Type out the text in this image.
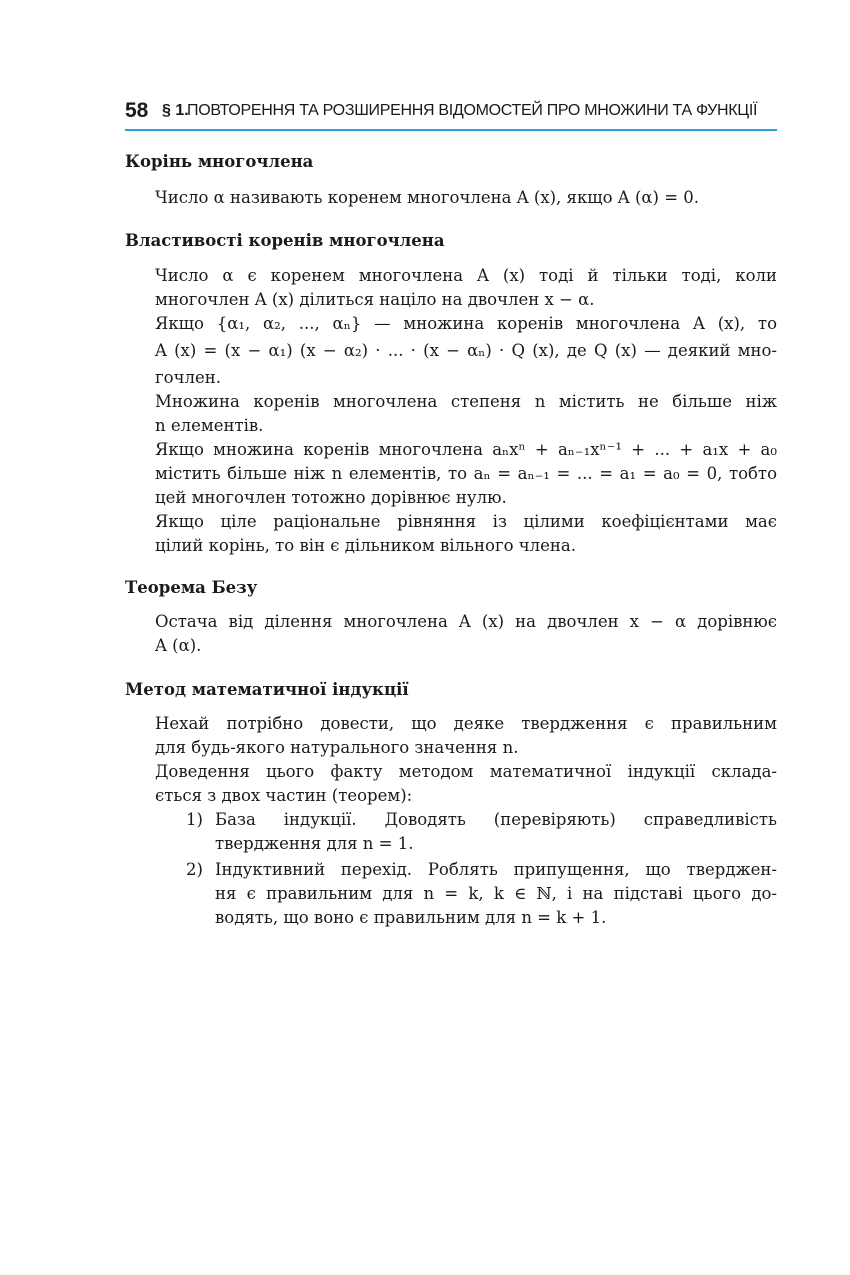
58 § 1.
ПОВТОРЕННЯ ТА РОЗШИРЕННЯ ВІДОМОСТЕЙ ПРО МНОЖИНИ ТА ФУНКЦІЇ
Корінь многочлена
Число α називають коренем многочлена A (x), якщо A (α) = 0.
Властивості коренів многочлена
Число α є коренем многочлена A (x) тоді й тільки тоді, коли
многочлен A (x) ділиться націло на двочлен x − α.
Якщо {α₁, α₂, ..., αₙ} — множина коренів многочлена A (x), то
A (x) = (x − α₁) (x − α₂) · ... · (x − αₙ) · Q (x), де Q (x) — деякий мно-
гочлен.
Множина коренів многочлена степеня n містить не більше ніж
n елементів.
Якщо множина коренів многочлена aₙxⁿ + aₙ₋₁xⁿ⁻¹ + ... + a₁x + a₀
містить більше ніж n елементів, то aₙ = aₙ₋₁ = ... = a₁ = a₀ = 0, тобто
цей многочлен тотожно дорівнює нулю.
Якщо ціле раціональне рівняння із цілими коефіцієнтами має
цілий корінь, то він є дільником вільного члена.
Теорема Безу
Остача від ділення многочлена A (x) на двочлен x − α дорівнює
A (α).
Метод математичної індукції
Нехай потрібно довести, що деяке твердження є правильним
для будь-якого натурального значення n.
Доведення цього факту методом математичної індукції склада-
ється з двох частин (теорем):
1) База індукції. Доводять (перевіряють) справедливість
твердження для n = 1.
2) Індуктивний перехід. Роблять припущення, що тверджен-
ня є правильним для n = k, k ∈ ℕ, і на підставі цього до-
водять, що воно є правильним для n = k + 1.
